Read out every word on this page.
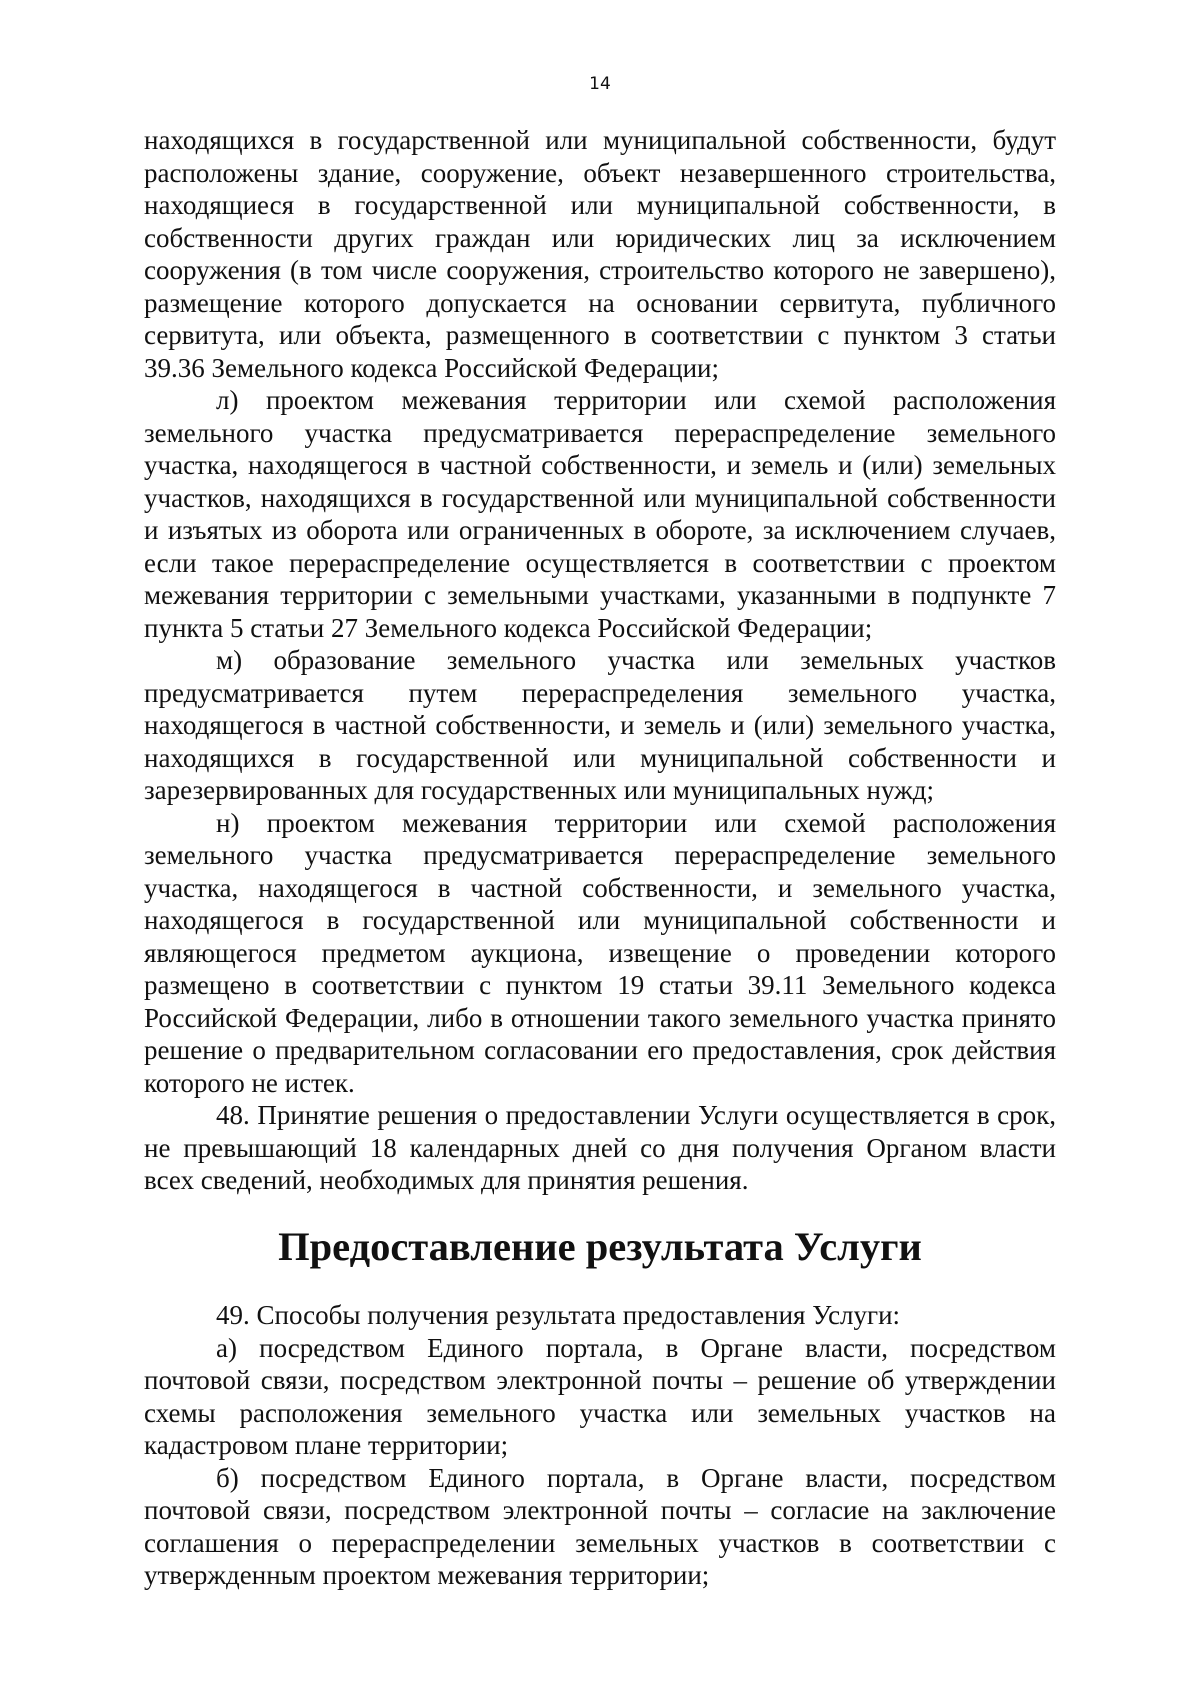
14

находящихся в государственной или муниципальной собственности, будут расположены здание, сооружение, объект незавершенного строительства, находящиеся в государственной или муниципальной собственности, в собственности других граждан или юридических лиц за исключением сооружения (в том числе сооружения, строительство которого не завершено), размещение которого допускается на основании сервитута, публичного сервитута, или объекта, размещенного в соответствии с пунктом 3 статьи 39.36 Земельного кодекса Российской Федерации;

л) проектом межевания территории или схемой расположения земельного участка предусматривается перераспределение земельного участка, находящегося в частной собственности, и земель и (или) земельных участков, находящихся в государственной или муниципальной собственности и изъятых из оборота или ограниченных в обороте, за исключением случаев, если такое перераспределение осуществляется в соответствии с проектом межевания территории с земельными участками, указанными в подпункте 7 пункта 5 статьи 27 Земельного кодекса Российской Федерации;

м) образование земельного участка или земельных участков предусматривается путем перераспределения земельного участка, находящегося в частной собственности, и земель и (или) земельного участка, находящихся в государственной или муниципальной собственности и зарезервированных для государственных или муниципальных нужд;

н) проектом межевания территории или схемой расположения земельного участка предусматривается перераспределение земельного участка, находящегося в частной собственности, и земельного участка, находящегося в государственной или муниципальной собственности и являющегося предметом аукциона, извещение о проведении которого размещено в соответствии с пунктом 19 статьи 39.11 Земельного кодекса Российской Федерации, либо в отношении такого земельного участка принято решение о предварительном согласовании его предоставления, срок действия которого не истек.

48. Принятие решения о предоставлении Услуги осуществляется в срок, не превышающий 18 календарных дней со дня получения Органом власти всех сведений, необходимых для принятия решения.

Предоставление результата Услуги

49. Способы получения результата предоставления Услуги:

а) посредством Единого портала, в Органе власти, посредством почтовой связи, посредством электронной почты – решение об утверждении схемы расположения земельного участка или земельных участков на кадастровом плане территории;

б) посредством Единого портала, в Органе власти, посредством почтовой связи, посредством электронной почты – согласие на заключение соглашения о перераспределении земельных участков в соответствии с утвержденным проектом межевания территории;
